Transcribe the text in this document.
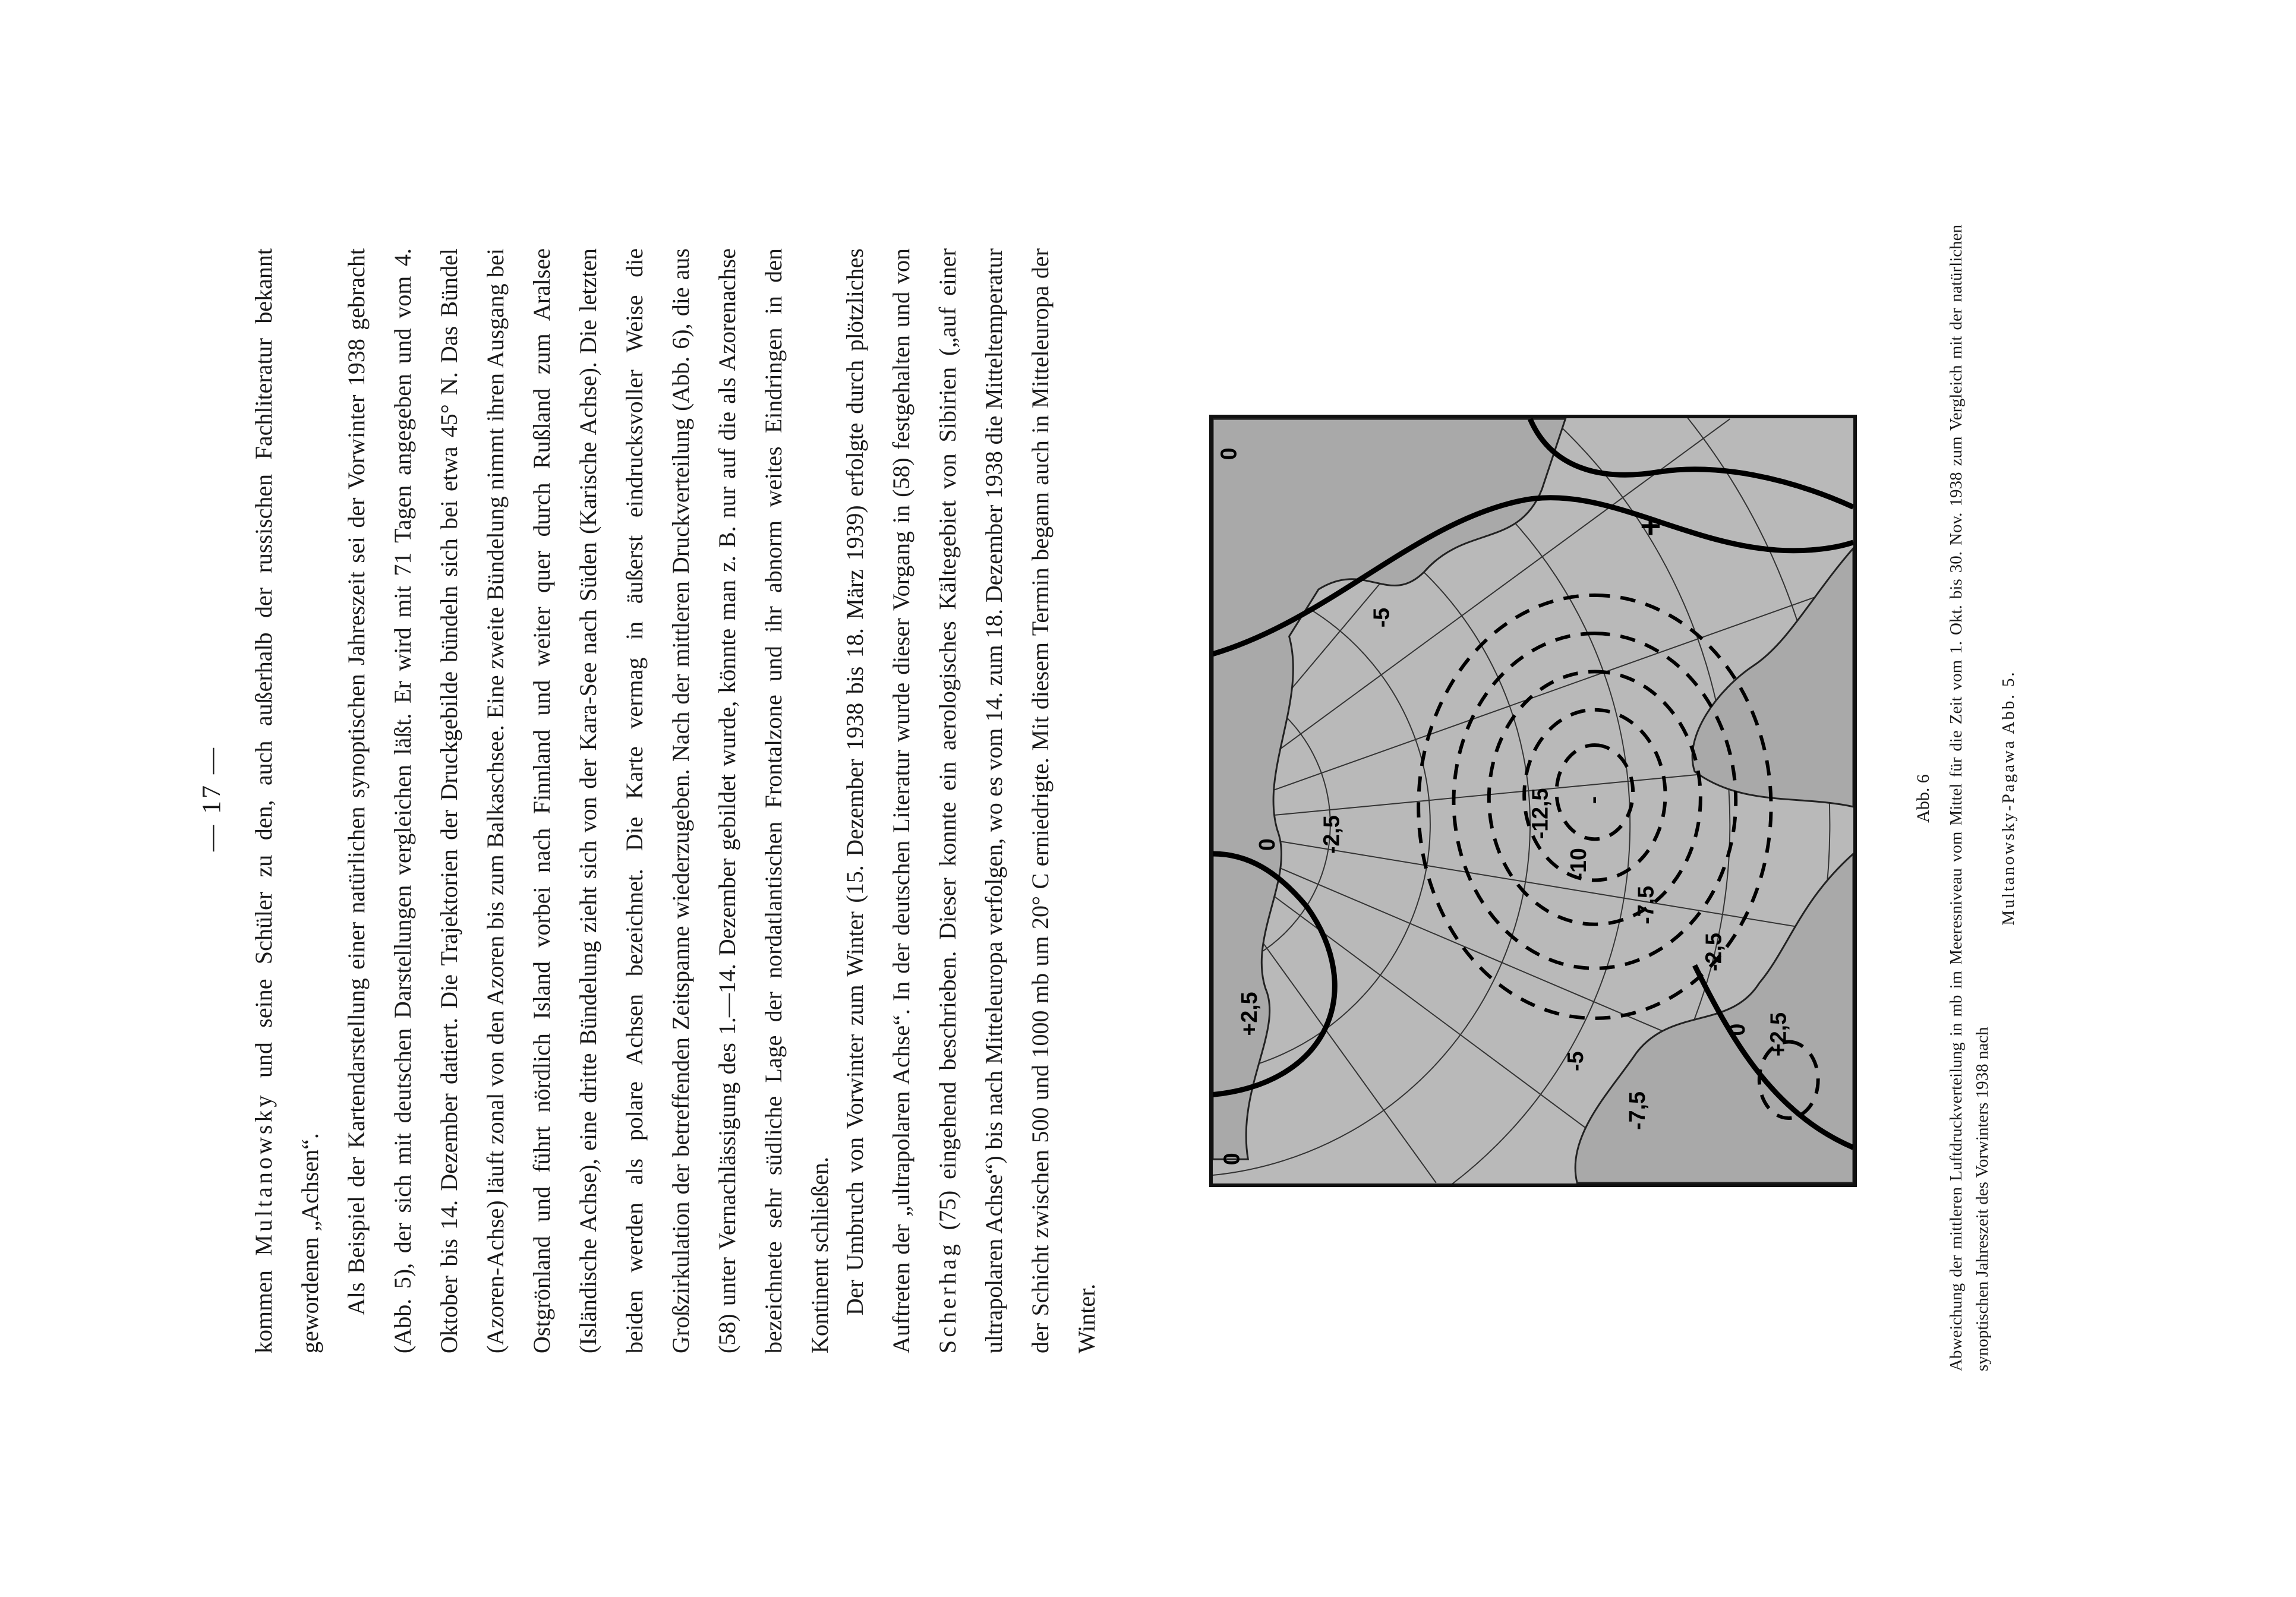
— 17 —

kommen Multanowsky und seine Schüler zu den, auch außerhalb der russischen Fachliteratur bekannt gewordenen „Achsen“. Als Beispiel der Kartendarstellung einer natürlichen synoptischen Jahreszeit sei der Vorwinter 1938 gebracht (Abb. 5), der sich mit deutschen Darstellungen vergleichen läßt. Er wird mit 71 Tagen angegeben und vom 4. Oktober bis 14. Dezember datiert. Die Trajektorien der Druckgebilde bündeln sich bei etwa 45° N. Das Bündel (Azoren-Achse) läuft zonal von den Azoren bis zum Balkaschsee. Eine zweite Bündelung nimmt ihren Ausgang bei Ostgrönland und führt nördlich Island vorbei nach Finnland und weiter quer durch Rußland zum Aralsee (Isländische Achse), eine dritte Bündelung zieht sich von der Kara-See nach Süden (Karische Achse). Die letzten beiden werden als polare Achsen bezeichnet. Die Karte vermag in äußerst eindrucksvoller Weise die Großzirkulation der betreffenden Zeitspanne wiederzugeben. Nach der mittleren Druckverteilung (Abb. 6), die aus (58) unter Vernachlässigung des 1.—14. Dezember gebildet wurde, könnte man z. B. nur auf die als Azorenachse bezeichnete sehr südliche Lage der nordatlantischen Frontalzone und ihr abnorm weites Eindringen in den Kontinent schließen. Der Umbruch von Vorwinter zum Winter (15. Dezember 1938 bis 18. März 1939) erfolgte durch plötzliches Auftreten der „ultrapolaren Achse“. In der deutschen Literatur wurde dieser Vorgang in (58) festgehalten und von Scherhag (75) eingehend beschrieben. Dieser konnte ein aerologisches Kältegebiet von Sibirien („auf einer ultrapolaren Achse“) bis nach Mitteleuropa verfolgen, wo es vom 14. zum 18. Dezember 1938 die Mitteltemperatur der Schicht zwischen 500 und 1000 mb um 20° C erniedrigte. Mit diesem Termin begann auch in Mitteleuropa der Winter.

0
0
+2,5
0 -2,5
-5
-7,5
-10
-12,5 -
-7,5
-5
-2,5
0 +2,5
+
Abb. 6 Abweichung der mittleren Luftdruckverteilung in mb im Meeresniveau vom Mittel für die Zeit vom 1. Okt. bis 30. Nov. 1938 zum Vergleich mit der natürlichen synoptischen Jahreszeit des Vorwinters 1938 nach
Multanowsky-Pagawa Abb. 5.
